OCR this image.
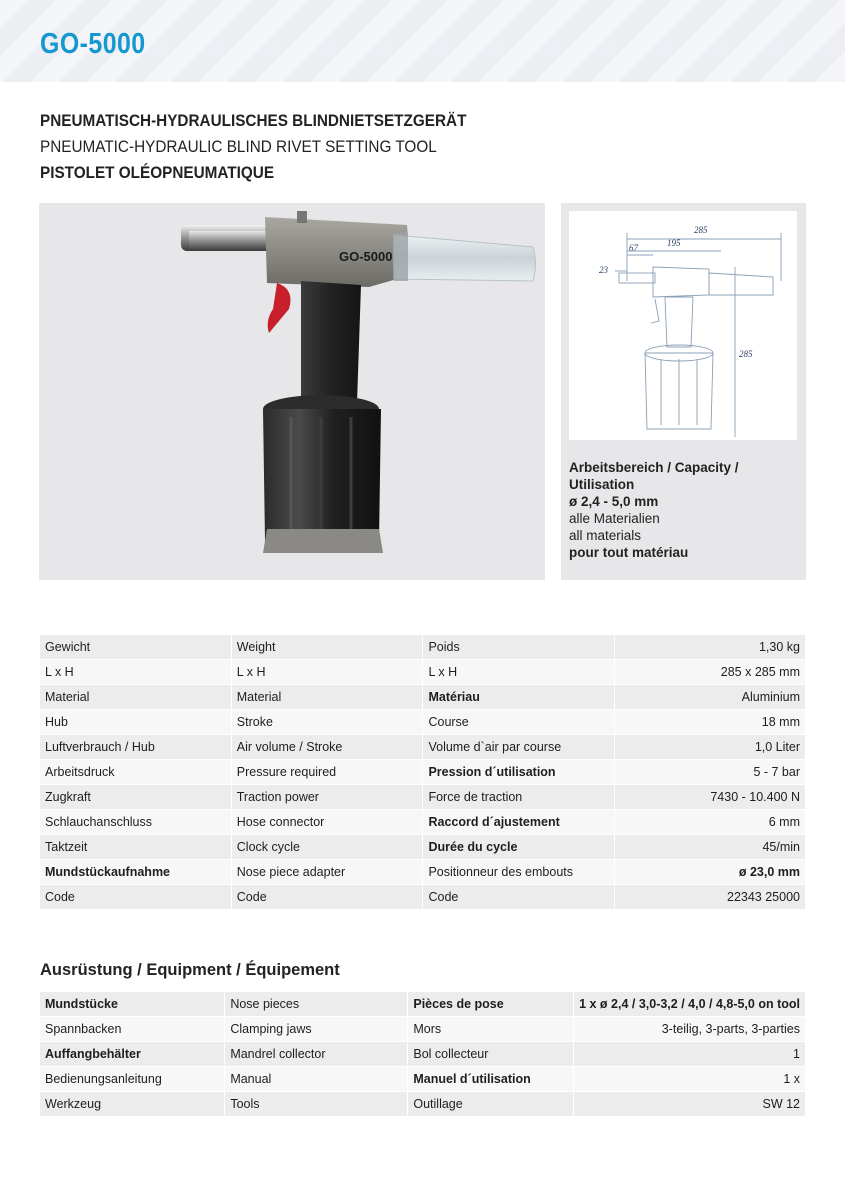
GO-5000
PNEUMATISCH-HYDRAULISCHES BLINDNIETSETZGERÄT
PNEUMATIC-HYDRAULIC BLIND RIVET SETTING TOOL
PISTOLET OLÉOPNEUMATIQUE
GO-5000
285
195
67
23
285
Arbeitsbereich / Capacity / Utilisation
ø 2,4 - 5,0 mm
alle Materialien
all materials
pour tout matériau
Gewicht	Weight	Poids	1,30 kg
L x H	L x H	L x H	285 x 285 mm
Material	Material	Matériau	Aluminium
Hub	Stroke	Course	18 mm
Luftverbrauch / Hub	Air volume / Stroke	Volume d`air par course	1,0 Liter
Arbeitsdruck	Pressure required	Pression d´utilisation	5 - 7 bar
Zugkraft	Traction power	Force de traction	7430 - 10.400 N
Schlauchanschluss	Hose connector	Raccord d´ajustement	6 mm
Taktzeit	Clock cycle	Durée du cycle	45/min
Mundstückaufnahme	Nose piece adapter	Positionneur des embouts	ø 23,0 mm
Code	Code	Code	22343 25000
Ausrüstung / Equipment / Équipement
Mundstücke	Nose pieces	Pièces de pose	1 x ø 2,4 / 3,0-3,2 / 4,0 / 4,8-5,0 on tool
Spannbacken	Clamping jaws	Mors	3-teilig, 3-parts, 3-parties
Auffangbehälter	Mandrel collector	Bol collecteur	1
Bedienungsanleitung	Manual	Manuel d´utilisation	1 x
Werkzeug	Tools	Outillage	SW 12
